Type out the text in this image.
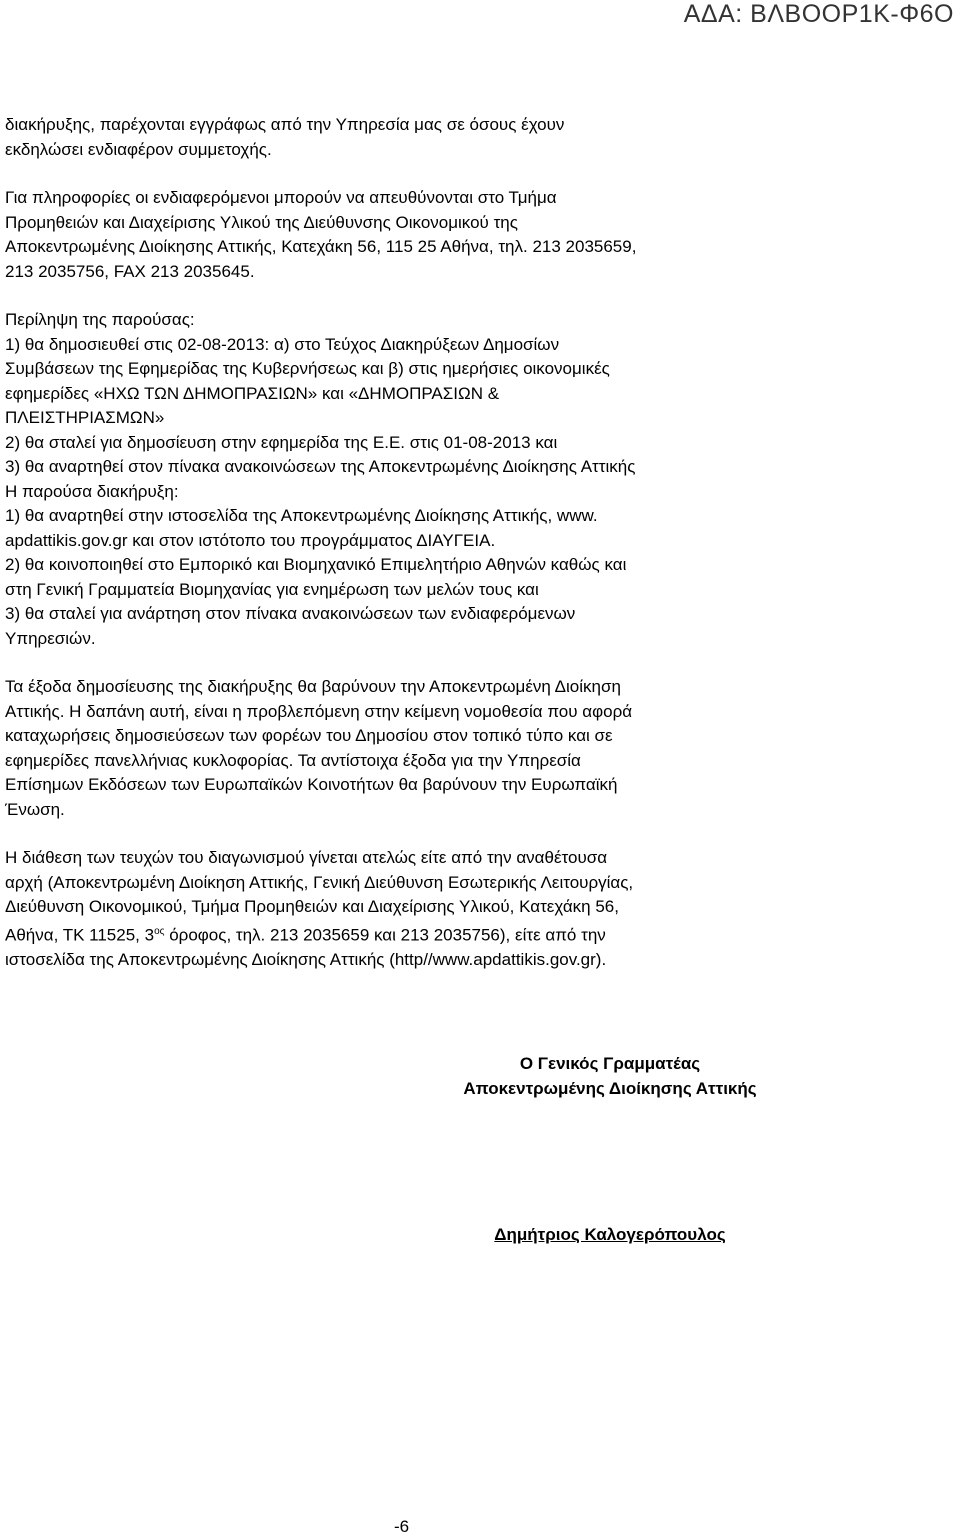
ΑΔΑ: ΒΛΒΟΟΡ1Κ-Φ6Ο

διακήρυξης, παρέχονται εγγράφως από την Υπηρεσία μας σε όσους έχουν
εκδηλώσει ενδιαφέρον συμμετοχής.

Για πληροφορίες οι ενδιαφερόμενοι μπορούν να απευθύνονται στο Τμήμα
Προμηθειών και Διαχείρισης Υλικού της Διεύθυνσης Οικονομικού της
Αποκεντρωμένης Διοίκησης Αττικής, Κατεχάκη 56, 115 25 Αθήνα, τηλ. 213 2035659,
213 2035756, FAX 213 2035645.

Περίληψη της παρούσας:
1) θα δημοσιευθεί στις 02-08-2013: α) στο Τεύχος Διακηρύξεων Δημοσίων
Συμβάσεων της Εφημερίδας της Κυβερνήσεως και β) στις ημερήσιες οικονομικές
εφημερίδες «ΗΧΩ ΤΩΝ ΔΗΜΟΠΡΑΣΙΩΝ» και «ΔΗΜΟΠΡΑΣΙΩΝ &
ΠΛΕΙΣΤΗΡΙΑΣΜΩΝ»
2) θα σταλεί για δημοσίευση στην εφημερίδα της Ε.Ε. στις 01-08-2013 και
3) θα αναρτηθεί στον πίνακα ανακοινώσεων της Αποκεντρωμένης Διοίκησης Αττικής
Η παρούσα διακήρυξη:
1) θα αναρτηθεί στην ιστοσελίδα της Αποκεντρωμένης Διοίκησης Αττικής, www.
apdattikis.gov.gr και στον ιστότοπο του προγράμματος ΔΙΑΥΓΕΙΑ.
2) θα κοινοποιηθεί στο Εμπορικό και Βιομηχανικό Επιμελητήριο Αθηνών καθώς και
στη Γενική Γραμματεία Βιομηχανίας για ενημέρωση των μελών τους και
3) θα σταλεί για ανάρτηση στον πίνακα ανακοινώσεων των ενδιαφερόμενων
Υπηρεσιών.

Τα έξοδα δημοσίευσης της διακήρυξης θα βαρύνουν την Αποκεντρωμένη Διοίκηση
Αττικής. Η δαπάνη αυτή, είναι η προβλεπόμενη στην κείμενη νομοθεσία που αφορά
καταχωρήσεις δημοσιεύσεων των φορέων του Δημοσίου στον τοπικό τύπο και σε
εφημερίδες πανελλήνιας κυκλοφορίας. Τα αντίστοιχα έξοδα για την Υπηρεσία
Επίσημων Εκδόσεων των Ευρωπαϊκών Κοινοτήτων θα βαρύνουν την Ευρωπαϊκή
Ένωση.

Η διάθεση των τευχών του διαγωνισμού γίνεται ατελώς είτε από την αναθέτουσα
αρχή (Αποκεντρωμένη Διοίκηση Αττικής, Γενική Διεύθυνση Εσωτερικής Λειτουργίας,
Διεύθυνση Οικονομικού, Τμήμα Προμηθειών και Διαχείρισης Υλικού, Κατεχάκη 56,
Αθήνα, ΤΚ 11525, $3^{o\varsigma}$ όροφος, τηλ. 213 2035659 και 213 2035756), είτε από την
ιστοσελίδα της Αποκεντρωμένης Διοίκησης Αττικής (http//www.apdattikis.gov.gr).

Ο Γενικός Γραμματέας
Αποκεντρωμένης Διοίκησης Αττικής
Δημήτριος Καλογερόπουλος
-6
